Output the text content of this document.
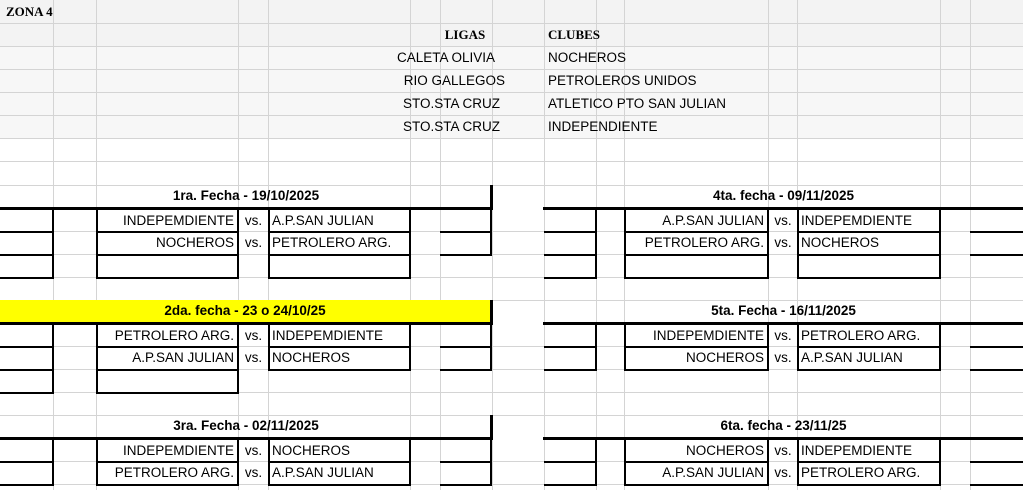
ZONA 4
LIGAS	CLUBES
CALETA OLIVIA	NOCHEROS
RIO GALLEGOS	PETROLEROS UNIDOS
STO.STA CRUZ	ATLETICO PTO SAN JULIAN
STO.STA CRUZ	INDEPENDIENTE
1ra. Fecha - 19/10/2025
2da. fecha - 23 o 24/10/25
3ra. Fecha - 02/11/2025
4ta. fecha - 09/11/2025
5ta. Fecha - 16/11/2025
6ta. fecha - 23/11/25
INDEPEMDIENTE vs. A.P.SAN JULIAN
NOCHEROS vs. PETROLERO ARG.
PETROLERO ARG. vs. INDEPEMDIENTE
A.P.SAN JULIAN vs. NOCHEROS
INDEPEMDIENTE vs. NOCHEROS
PETROLERO ARG. vs. A.P.SAN JULIAN
A.P.SAN JULIAN vs. INDEPEMDIENTE
PETROLERO ARG. vs. NOCHEROS
INDEPEMDIENTE vs. PETROLERO ARG.
NOCHEROS vs. A.P.SAN JULIAN
NOCHEROS vs. INDEPEMDIENTE
A.P.SAN JULIAN vs. PETROLERO ARG.
